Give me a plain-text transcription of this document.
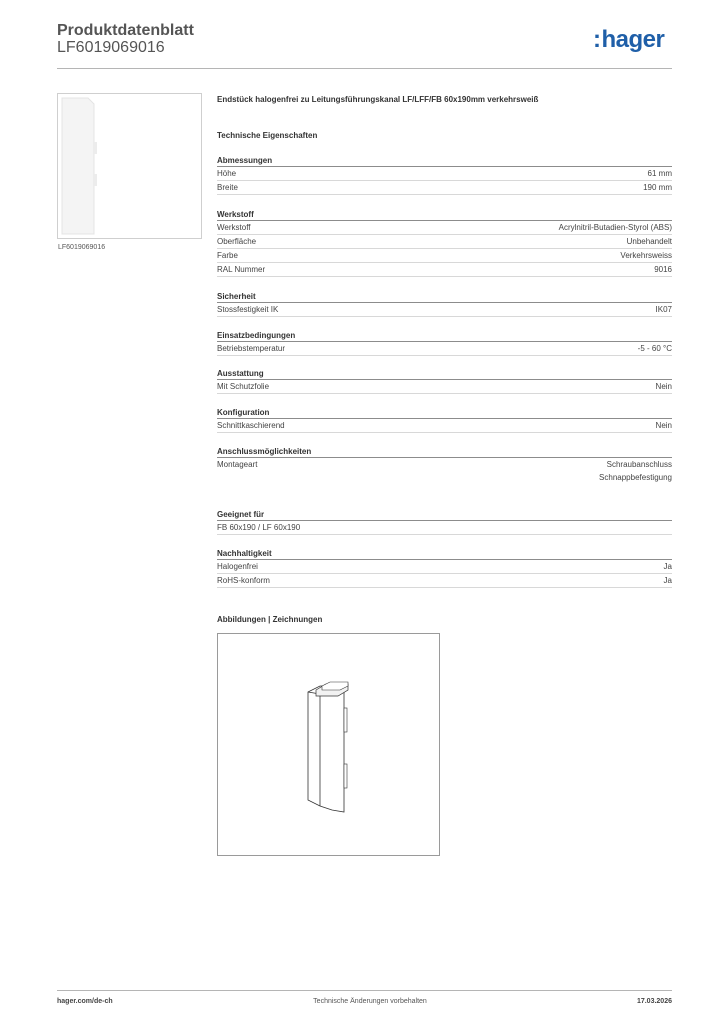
Produktdatenblatt
LF6019069016	:hager
LF6019069016
Endstück halogenfrei zu Leitungsführungskanal LF/LFF/FB 60x190mm verkehrsweiß
Technische Eigenschaften
Abmessungen
Höhe	61 mm
Breite	190 mm
Werkstoff
Werkstoff	Acrylnitril-Butadien-Styrol (ABS)
Oberfläche	Unbehandelt
Farbe	Verkehrsweiss
RAL Nummer	9016
Sicherheit
Stossfestigkeit IK	IK07
Einsatzbedingungen
Betriebstemperatur	-5 - 60 °C
Ausstattung
Mit Schutzfolie	Nein
Konfiguration
Schnittkaschierend	Nein
Anschlussmöglichkeiten
Montageart	Schraubanschluss
Schnappbefestigung
Geeignet für
FB 60x190 / LF 60x190
Nachhaltigkeit
Halogenfrei	Ja
RoHS-konform	Ja
Abbildungen | Zeichnungen
hager.com/de-ch	Technische Änderungen vorbehalten	17.03.2026
